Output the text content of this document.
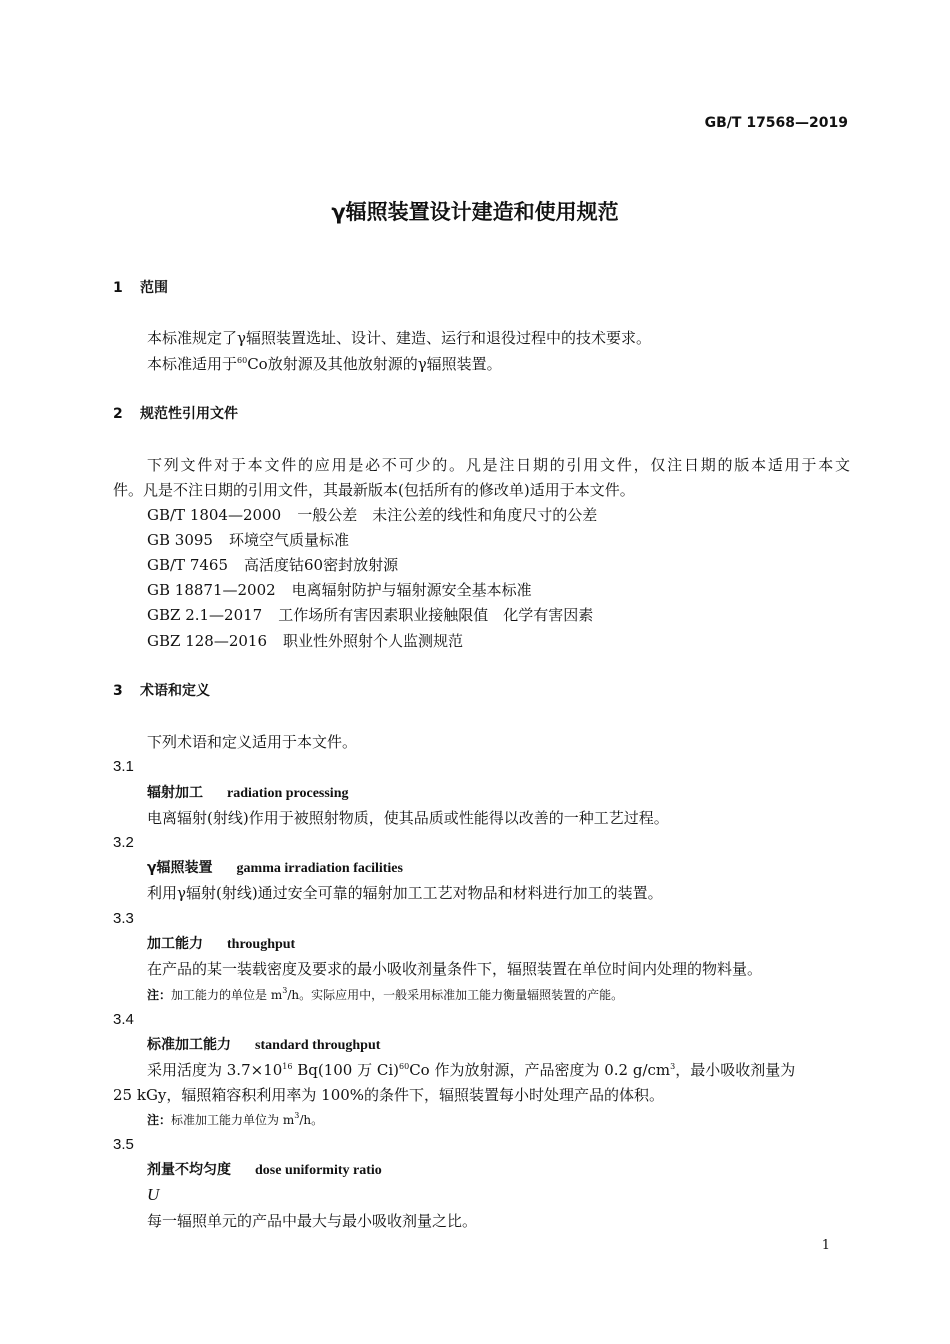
GB/T 17568—2019
γ辐照装置设计建造和使用规范
1 范围
本标准规定了γ辐照装置选址、设计、建造、运行和退役过程中的技术要求。
本标准适用于$^{60}$Co放射源及其他放射源的γ辐照装置。
2 规范性引用文件
下列文件对于本文件的应用是必不可少的。凡是注日期的引用文件，仅注日期的版本适用于本文
件。凡是不注日期的引用文件，其最新版本(包括所有的修改单)适用于本文件。
GB/T 1804—2000 一般公差　未注公差的线性和角度尺寸的公差
GB 3095 环境空气质量标准
GB/T 7465 高活度钴60密封放射源
GB 18871—2002 电离辐射防护与辐射源安全基本标准
GBZ 2.1—2017 工作场所有害因素职业接触限值　化学有害因素
GBZ 128—2016 职业性外照射个人监测规范
3 术语和定义
下列术语和定义适用于本文件。
3.1
辐射加工 radiation processing
电离辐射(射线)作用于被照射物质，使其品质或性能得以改善的一种工艺过程。
3.2
γ辐照装置 gamma irradiation facilities
利用γ辐射(射线)通过安全可靠的辐射加工工艺对物品和材料进行加工的装置。
3.3
加工能力 throughput
在产品的某一装载密度及要求的最小吸收剂量条件下，辐照装置在单位时间内处理的物料量。
注：加工能力的单位是 $m^3/h$。实际应用中，一般采用标准加工能力衡量辐照装置的产能。
3.4
标准加工能力 standard throughput
采用活度为 $3.7\times 10^{16}$ Bq(100 万 Ci)$^{60}$Co 作为放射源，产品密度为 0.2 $g/cm^3$，最小吸收剂量为
25 kGy，辐照箱容积利用率为 100%的条件下，辐照装置每小时处理产品的体积。
注：标准加工能力单位为 $m^3/h$。
3.5
剂量不均匀度 dose uniformity ratio
U
每一辐照单元的产品中最大与最小吸收剂量之比。
1
